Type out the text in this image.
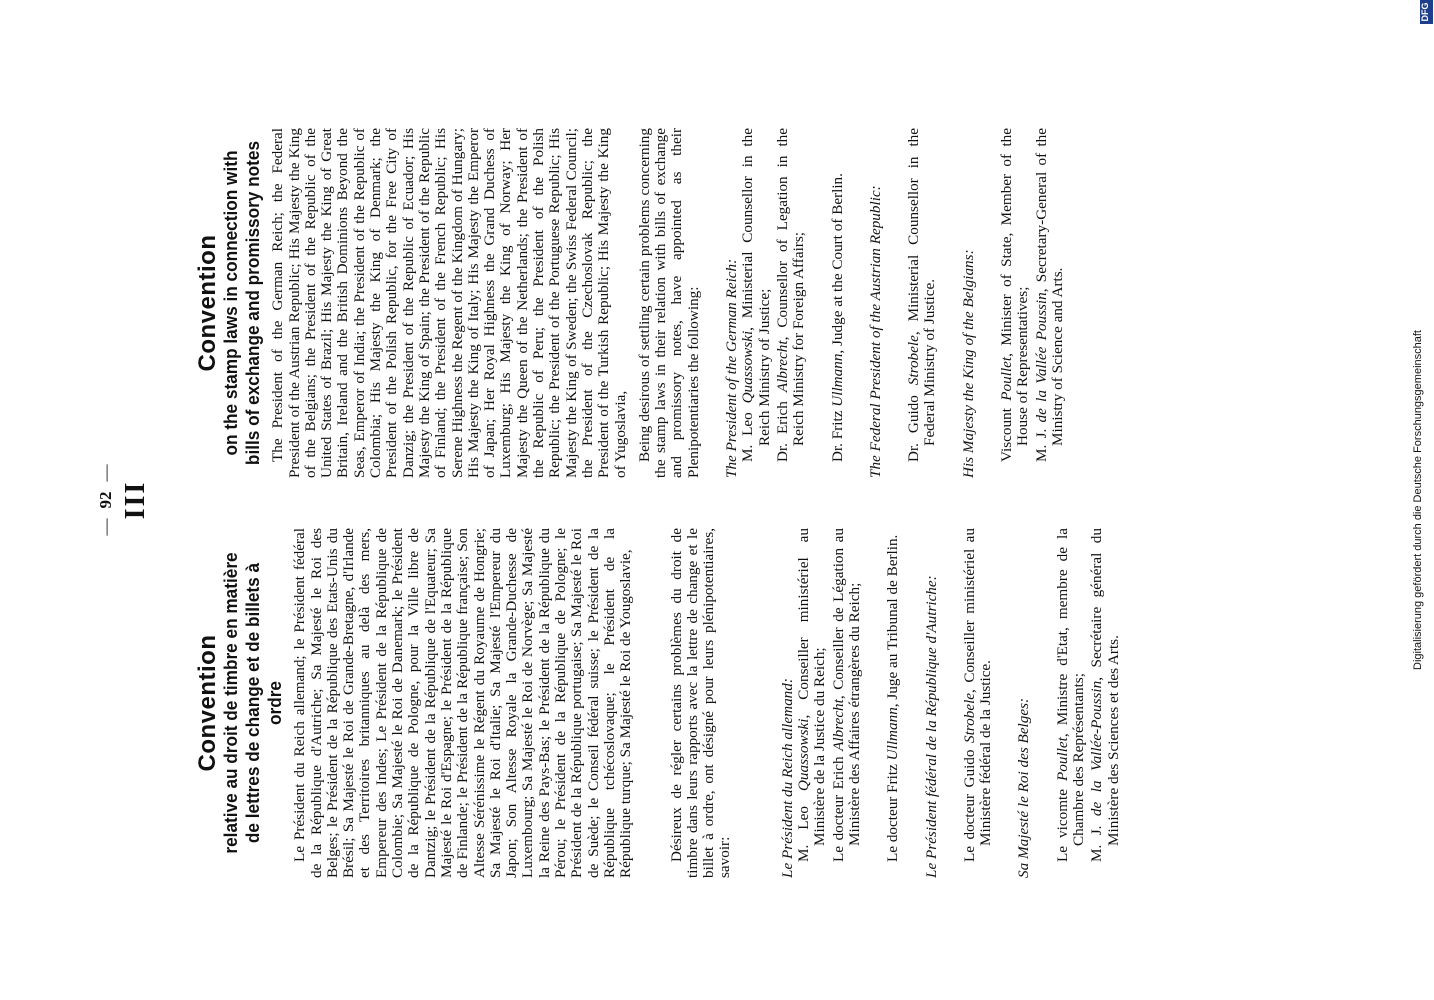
—92—
III
Convention relative au droit de timbre en matière de lettres de change et de billets à ordre Le Président du Reich allemand; le Président fédéral de la République d'Autriche; Sa Majesté le Roi des Belges; le Président de la République des Etats-Unis du Brésil; Sa Majesté le Roi de Grande-Bretagne, d'Irlande et des Territoires britanniques au delà des mers, Empereur des Indes; Le Président de la République de Colombie; Sa Majesté le Roi de Danemark; le Président de la République de Pologne, pour la Ville libre de Dantzig; le Président de la République de l'Equateur; Sa Majesté le Roi d'Espagne; le Président de la République de Finlande; le Président de la République française; Son Altesse Sérénissime le Régent du Royaume de Hongrie; Sa Majesté le Roi d'Italie; Sa Majesté l'Empereur du Japon; Son Altesse Royale la Grande-Duchesse de Luxembourg; Sa Majesté le Roi de Norvège; Sa Majesté la Reine des Pays-Bas; le Président de la République du Pérou; le Président de la République de Pologne; le Président de la République portugaise; Sa Majesté le Roi de Suède; le Conseil fédéral suisse; le Président de la République tchécoslovaque; le Président de la République turque; Sa Majesté le Roi de Yougoslavie, Désireux de régler certains problèmes du droit de timbre dans leurs rapports avec la lettre de change et le billet à ordre, ont désigné pour leurs plénipotentiaires, savoir:	Le Président du Reich allemand: M. Leo Quassowski, Conseiller ministériel au Ministère de la Justice du Reich; Le docteur Erich Albrecht, Conseiller de Légation au Ministère des Affaires étrangères du Reich; Le docteur Fritz Ullmann, Juge au Tribunal de Berlin. Le Président fédéral de la République d'Autriche: Le docteur Guido Strobele, Conseiller ministériel au Ministère fédéral de la Justice. Sa Majesté le Roi des Belges: Le vicomte Poullet, Ministre d'Etat, membre de la Chambre des Représentants; M. J. de la Vallée-Poussin, Secrétaire général du Ministère des Sciences et des Arts.

Convention on the stamp laws in connection with bills of exchange and promissory notes The President of the German Reich; the Federal President of the Austrian Republic; His Majesty the King of the Belgians; the President of the Republic of the United States of Brazil; His Majesty the King of Great Britain, Ireland and the British Dominions Beyond the Seas, Emperor of India; the President of the Republic of Colombia; His Majesty the King of Denmark; the President of the Polish Republic, for the Free City of Danzig; the President of the Republic of Ecuador; His Majesty the King of Spain; the President of the Republic of Finland; the President of the French Republic; His Serene Highness the Regent of the Kingdom of Hungary; His Majesty the King of Italy; His Majesty the Emperor of Japan; Her Royal Highness the Grand Duchess of Luxemburg; His Majesty the King of Norway; Her Majesty the Queen of the Netherlands; the President of the Republic of Peru; the President of the Polish Republic; the President of the Portuguese Republic; His Majesty the King of Sweden; the Swiss Federal Council; the President of the Czechoslovak Republic; the President of the Turkish Republic; His Majesty the King of Yugoslavia, Being desirous of settling certain problems concerning the stamp laws in their relation with bills of exchange and promissory notes, have appointed as their Plenipotentiaries the following: The President of the German Reich: M. Leo Quassowski, Ministerial Counsellor in the Reich Ministry of Justice; Dr. Erich Albrecht, Counsellor of Legation in the Reich Ministry for Foreign Affairs; Dr. Fritz Ullmann, Judge at the Court of Berlin. The Federal President of the Austrian Republic: Dr. Guido Strobele, Ministerial Counsellor in the Federal Ministry of Justice. His Majesty the King of the Belgians: Viscount Poullet, Minister of State, Member of the House of Representatives; M. J. de la Vallée Poussin, Secretary-General of the Ministry of Science and Arts.	Digitalisierung gefördert durch die Deutsche Forschungsgemeinschaft
DFG
